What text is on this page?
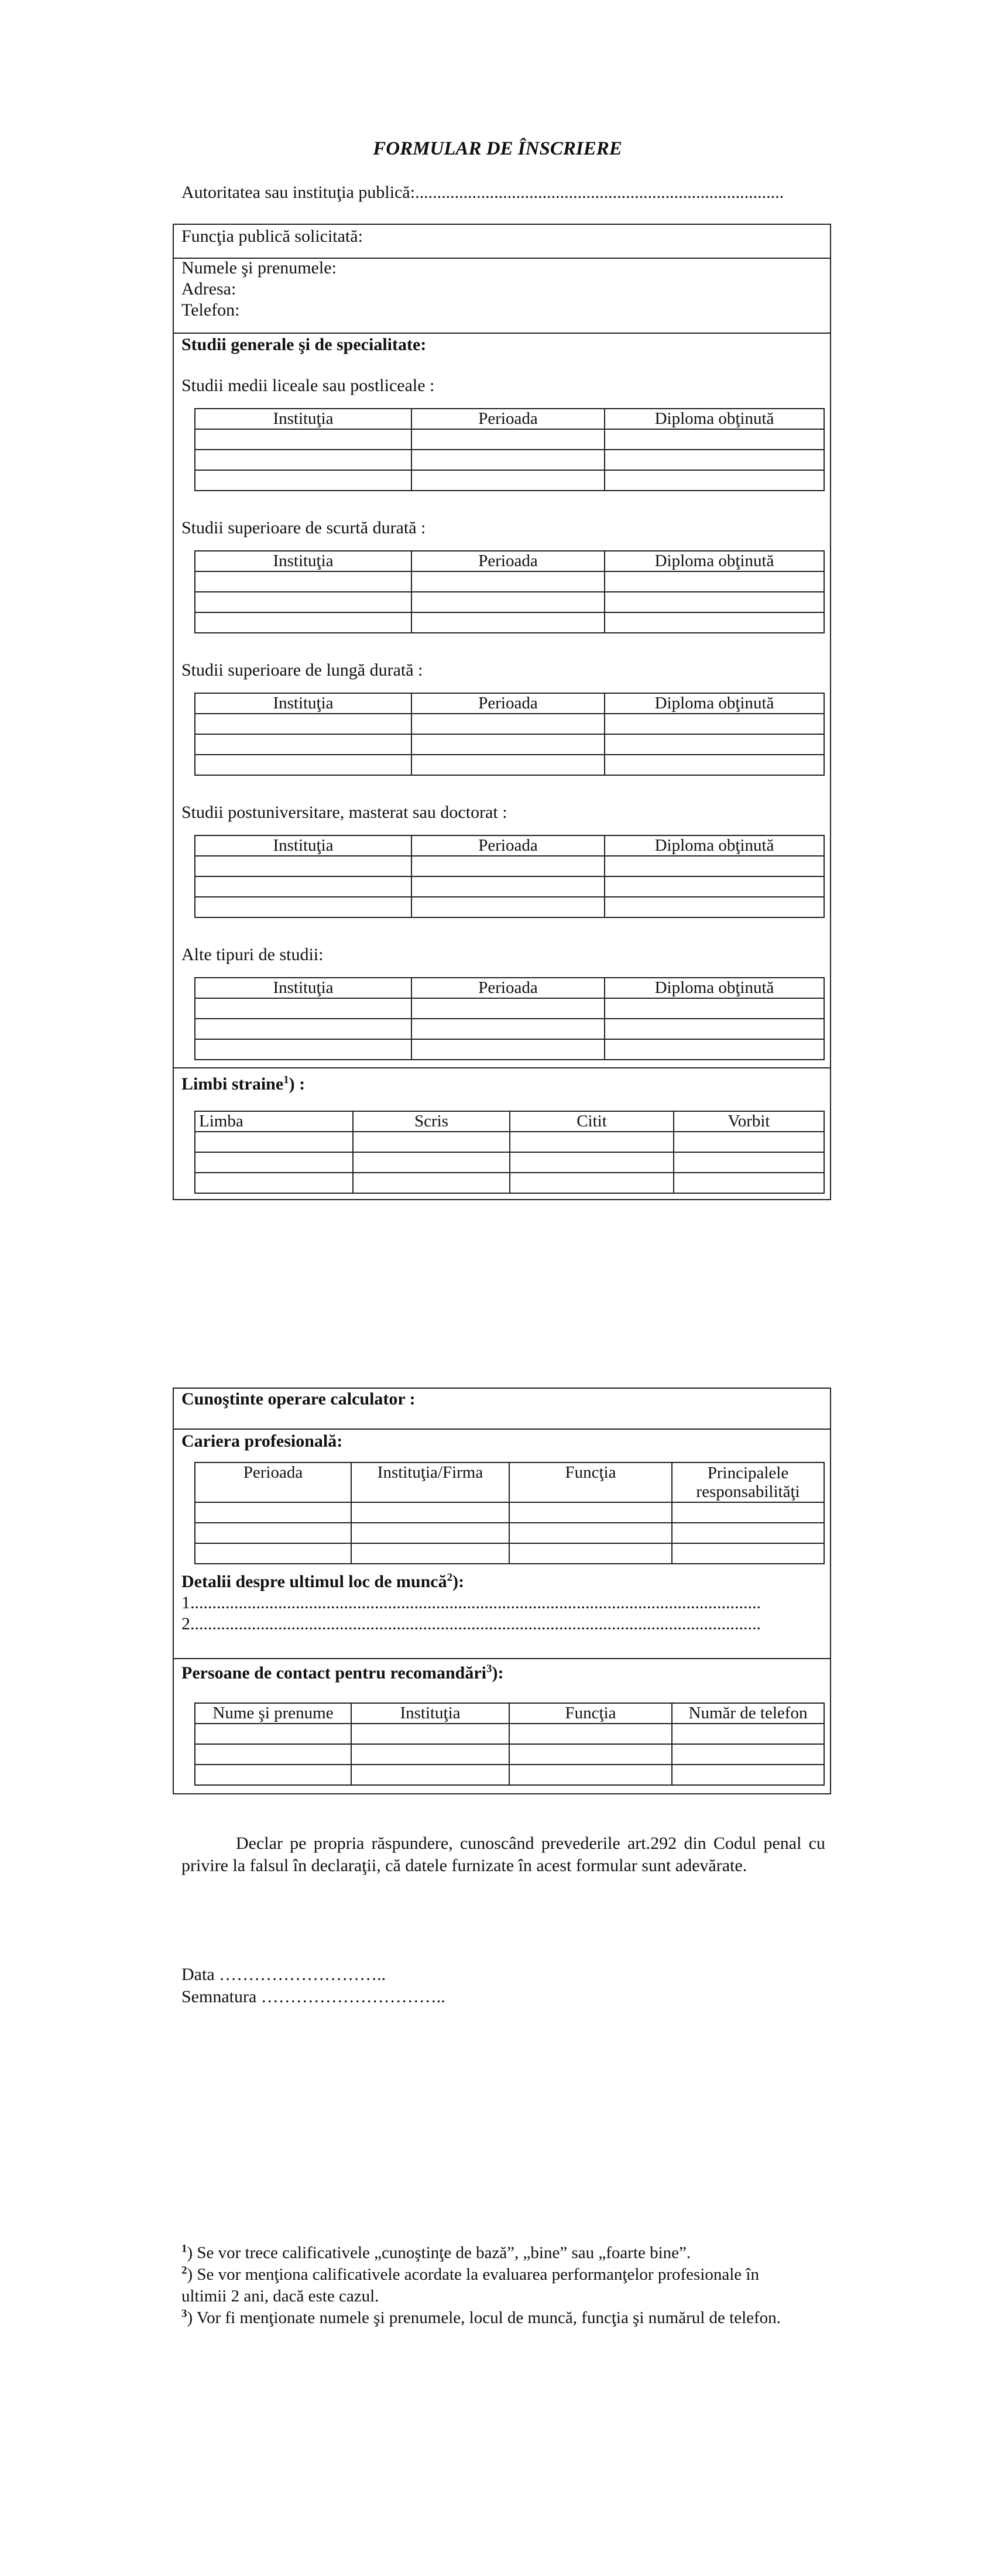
FORMULAR DE ÎNSCRIERE
Autoritatea sau instituţia publică:....................................................................................
Funcţia publică solicitată:
Numele şi prenumele:
Adresa:
Telefon:
Studii generale şi de specialitate:
Studii medii liceale sau postliceale :
Instituţia	Perioada	Diploma obţinută

Studii superioare de scurtă durată :
Instituţia	Perioada	Diploma obţinută

Studii superioare de lungă durată :
Instituţia	Perioada	Diploma obţinută

Studii postuniversitare, masterat sau doctorat :
Instituţia	Perioada	Diploma obţinută

Alte tipuri de studii:
Instituţia	Perioada	Diploma obţinută

Limbi straine$^1$) :
Limba	Scris	Citit	Vorbit

Cunoştinte operare calculator :
Cariera profesională:
Perioada	Instituţia/Firma	Funcţia	Principalele responsabilităţi

Detalii despre ultimul loc de muncă$^2$):
1..................................................................................................................................
2..................................................................................................................................
Persoane de contact pentru recomandări$^3$):
Nume şi prenume	Instituţia	Funcţia	Număr de telefon

Declar pe propria răspundere, cunoscând prevederile art.292 din Codul penal cu privire la falsul în declaraţii, că datele furnizate în acest formular sunt adevărate.
Data ………………………..
Semnatura …………………………..
$^1$) Se vor trece calificativele „cunoştinţe de bază”, „bine” sau „foarte bine”.
$^2$) Se vor menţiona calificativele acordate la evaluarea performanţelor profesionale în ultimii 2 ani, dacă este cazul.
$^3$) Vor fi menţionate numele şi prenumele, locul de muncă, funcţia şi numărul de telefon.
